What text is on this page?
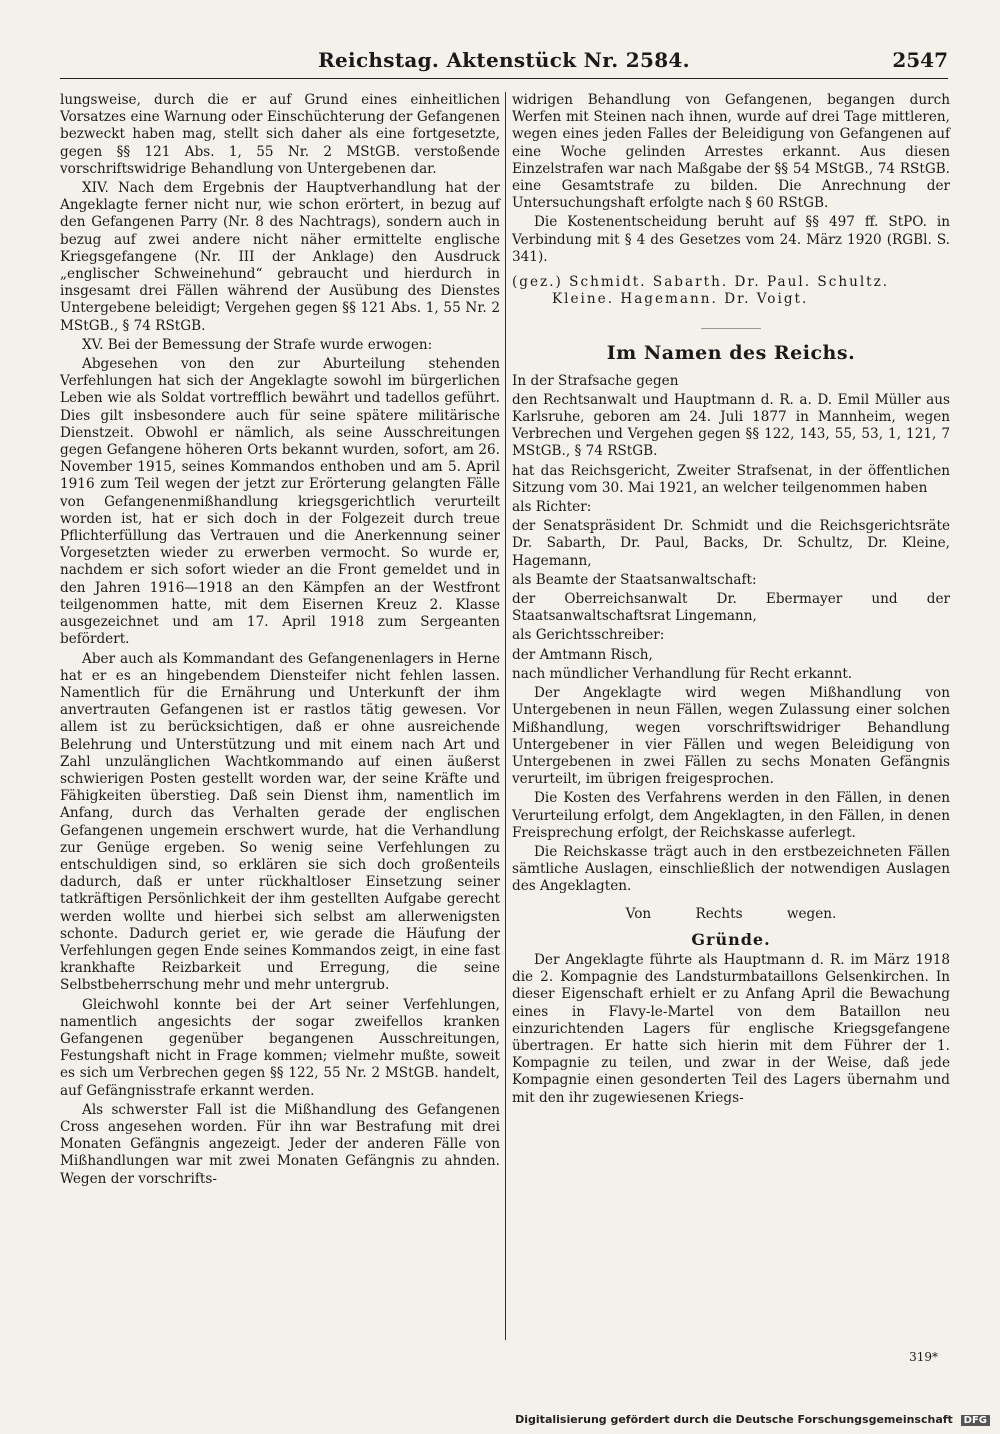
Reichstag. Aktenstück Nr. 2584.	2547

lungsweise, durch die er auf Grund eines einheitlichen Vorsatzes eine Warnung oder Einschüchterung der Gefangenen bezweckt haben mag, stellt sich daher als eine fortgesetzte, gegen §§ 121 Abs. 1, 55 Nr. 2 MStGB. verstoßende vorschriftswidrige Behandlung von Untergebenen dar.

XIV. Nach dem Ergebnis der Hauptverhandlung hat der Angeklagte ferner nicht nur, wie schon erörtert, in bezug auf den Gefangenen Parry (Nr. 8 des Nachtrags), sondern auch in bezug auf zwei andere nicht näher ermittelte englische Kriegsgefangene (Nr. III der Anklage) den Ausdruck „englischer Schweinehund“ gebraucht und hierdurch in insgesamt drei Fällen während der Ausübung des Dienstes Untergebene beleidigt; Vergehen gegen §§ 121 Abs. 1, 55 Nr. 2 MStGB., § 74 RStGB.

XV. Bei der Bemessung der Strafe wurde erwogen:

Abgesehen von den zur Aburteilung stehenden Verfehlungen hat sich der Angeklagte sowohl im bürgerlichen Leben wie als Soldat vortrefflich bewährt und tadellos geführt. Dies gilt insbesondere auch für seine spätere militärische Dienstzeit. Obwohl er nämlich, als seine Ausschreitungen gegen Gefangene höheren Orts bekannt wurden, sofort, am 26. November 1915, seines Kommandos enthoben und am 5. April 1916 zum Teil wegen der jetzt zur Erörterung gelangten Fälle von Gefangenenmißhandlung kriegsgerichtlich verurteilt worden ist, hat er sich doch in der Folgezeit durch treue Pflichterfüllung das Vertrauen und die Anerkennung seiner Vorgesetzten wieder zu erwerben vermocht. So wurde er, nachdem er sich sofort wieder an die Front gemeldet und in den Jahren 1916—1918 an den Kämpfen an der Westfront teilgenommen hatte, mit dem Eisernen Kreuz 2. Klasse ausgezeichnet und am 17. April 1918 zum Sergeanten befördert.

Aber auch als Kommandant des Gefangenenlagers in Herne hat er es an hingebendem Diensteifer nicht fehlen lassen. Namentlich für die Ernährung und Unterkunft der ihm anvertrauten Gefangenen ist er rastlos tätig gewesen. Vor allem ist zu berücksichtigen, daß er ohne ausreichende Belehrung und Unterstützung und mit einem nach Art und Zahl unzulänglichen Wachtkommando auf einen äußerst schwierigen Posten gestellt worden war, der seine Kräfte und Fähigkeiten überstieg. Daß sein Dienst ihm, namentlich im Anfang, durch das Verhalten gerade der englischen Gefangenen ungemein erschwert wurde, hat die Verhandlung zur Genüge ergeben. So wenig seine Verfehlungen zu entschuldigen sind, so erklären sie sich doch großenteils dadurch, daß er unter rückhaltloser Einsetzung seiner tatkräftigen Persönlichkeit der ihm gestellten Aufgabe gerecht werden wollte und hierbei sich selbst am allerwenigsten schonte. Dadurch geriet er, wie gerade die Häufung der Verfehlungen gegen Ende seines Kommandos zeigt, in eine fast krankhafte Reizbarkeit und Erregung, die seine Selbstbeherrschung mehr und mehr untergrub.

Gleichwohl konnte bei der Art seiner Verfehlungen, namentlich angesichts der sogar zweifellos kranken Gefangenen gegenüber begangenen Ausschreitungen, Festungshaft nicht in Frage kommen; vielmehr mußte, soweit es sich um Verbrechen gegen §§ 122, 55 Nr. 2 MStGB. handelt, auf Gefängnisstrafe erkannt werden.

Als schwerster Fall ist die Mißhandlung des Gefangenen Cross angesehen worden. Für ihn war Bestrafung mit drei Monaten Gefängnis angezeigt. Jeder der anderen Fälle von Mißhandlungen war mit zwei Monaten Gefängnis zu ahnden. Wegen der vorschrifts-

widrigen Behandlung von Gefangenen, begangen durch Werfen mit Steinen nach ihnen, wurde auf drei Tage mittleren, wegen eines jeden Falles der Beleidigung von Gefangenen auf eine Woche gelinden Arrestes erkannt. Aus diesen Einzelstrafen war nach Maßgabe der §§ 54 MStGB., 74 RStGB. eine Gesamtstrafe zu bilden. Die Anrechnung der Untersuchungshaft erfolgte nach § 60 RStGB.

Die Kostenentscheidung beruht auf §§ 497 ff. StPO. in Verbindung mit § 4 des Gesetzes vom 24. März 1920 (RGBl. S. 341).

(gez.) Schmidt. Sabarth. Dr. Paul. Schultz.
Kleine. Hagemann. Dr. Voigt.

Im Namen des Reichs.

In der Strafsache gegen

den Rechtsanwalt und Hauptmann d. R. a. D. Emil Müller aus Karlsruhe, geboren am 24. Juli 1877 in Mannheim, wegen Verbrechen und Vergehen gegen §§ 122, 143, 55, 53, 1, 121, 7 MStGB., § 74 RStGB.

hat das Reichsgericht, Zweiter Strafsenat, in der öffentlichen Sitzung vom 30. Mai 1921, an welcher teilgenommen haben

als Richter:

der Senatspräsident Dr. Schmidt und die Reichsgerichtsräte Dr. Sabarth, Dr. Paul, Backs, Dr. Schultz, Dr. Kleine, Hagemann,

als Beamte der Staatsanwaltschaft:

der Oberreichsanwalt Dr. Ebermayer und der Staatsanwaltschaftsrat Lingemann,

als Gerichtsschreiber:

der Amtmann Risch,

nach mündlicher Verhandlung für Recht erkannt.

Der Angeklagte wird wegen Mißhandlung von Untergebenen in neun Fällen, wegen Zulassung einer solchen Mißhandlung, wegen vorschriftswidriger Behandlung Untergebener in vier Fällen und wegen Beleidigung von Untergebenen in zwei Fällen zu sechs Monaten Gefängnis verurteilt, im übrigen freigesprochen.

Die Kosten des Verfahrens werden in den Fällen, in denen Verurteilung erfolgt, dem Angeklagten, in den Fällen, in denen Freisprechung erfolgt, der Reichskasse auferlegt.

Die Reichskasse trägt auch in den erstbezeichneten Fällen sämtliche Auslagen, einschließlich der notwendigen Auslagen des Angeklagten.

Von Rechts wegen.

Gründe.

Der Angeklagte führte als Hauptmann d. R. im März 1918 die 2. Kompagnie des Landsturmbataillons Gelsenkirchen. In dieser Eigenschaft erhielt er zu Anfang April die Bewachung eines in Flavy-le-Martel von dem Bataillon neu einzurichtenden Lagers für englische Kriegsgefangene übertragen. Er hatte sich hierin mit dem Führer der 1. Kompagnie zu teilen, und zwar in der Weise, daß jede Kompagnie einen gesonderten Teil des Lagers übernahm und mit den ihr zugewiesenen Kriegs-

319*
Digitalisierung gefördert durch die Deutsche Forschungsgemeinschaft DFG
